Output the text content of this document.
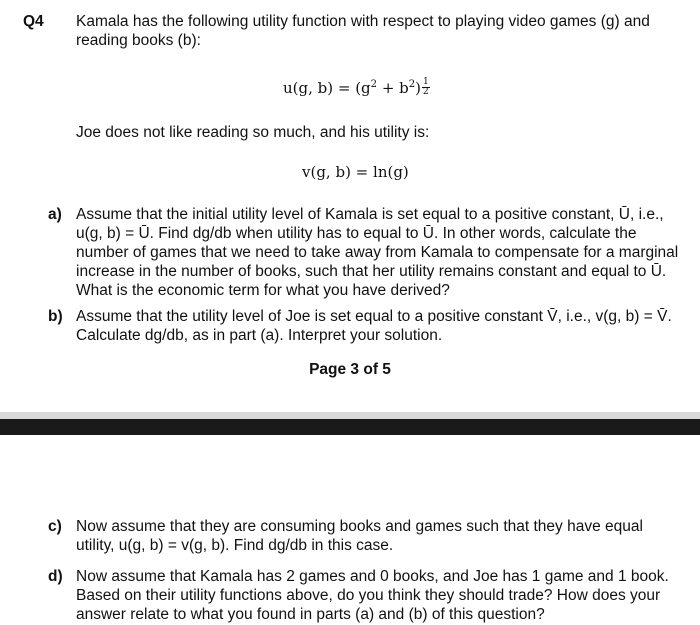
Q4 Kamala has the following utility function with respect to playing video games (g) and reading books (b):
u(g, $b) = (g^2 + b^2) \frac{1}{2}$
Joe does not like reading so much, and his utility is:
v(g, b) = ln(g)
a) Assume that the initial utility level of Kamala is set equal to a positive constant, Ū, i.e., u(g, b) = Ū. Find dg/db when utility has to equal to Ū. In other words, calculate the number of games that we need to take away from Kamala to compensate for a marginal increase in the number of books, such that her utility remains constant and equal to Ū. What is the economic term for what you have derived?
b) Assume that the utility level of Joe is set equal to a positive constant V̄, i.e., v(g, b) = V̄. Calculate dg/db, as in part (a). Interpret your solution.
Page 3 of 5
c) Now assume that they are consuming books and games such that they have equal utility, u(g, b) = v(g, b). Find dg/db in this case.
d) Now assume that Kamala has 2 games and 0 books, and Joe has 1 game and 1 book. Based on their utility functions above, do you think they should trade? How does your answer relate to what you found in parts (a) and (b) of this question?
